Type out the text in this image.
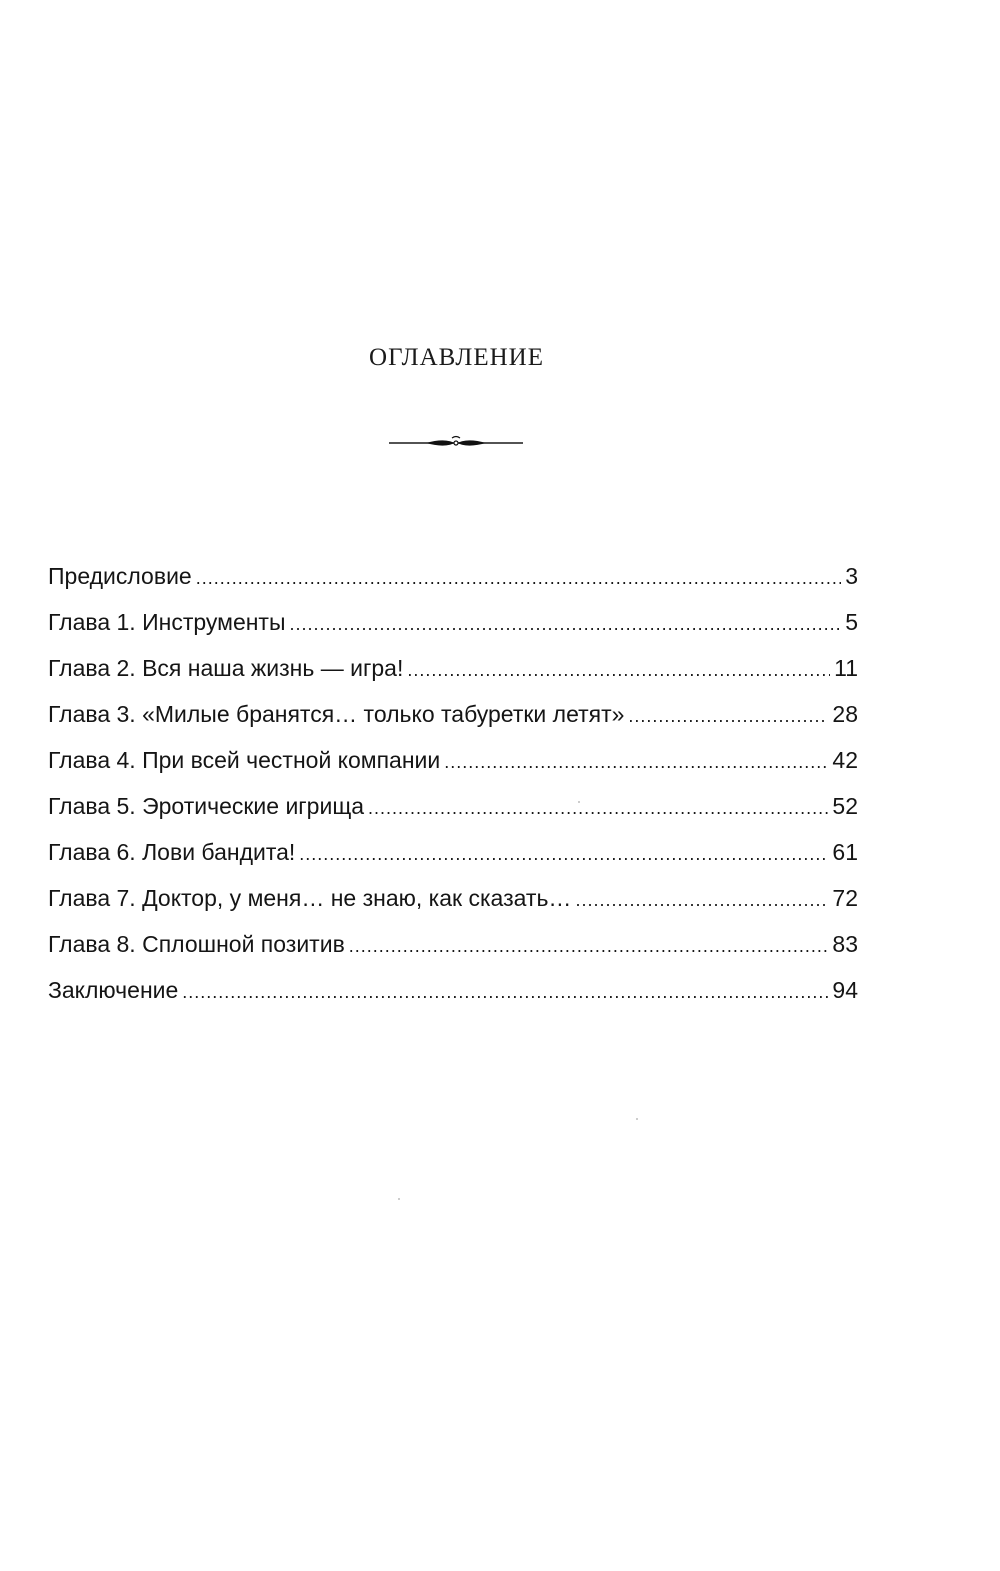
ОГЛАВЛЕНИЕ
Предисловие .....	3
Глава 1. Инструменты .....	5
Глава 2. Вся наша жизнь — игра! .....	11
Глава 3. «Милые бранятся… только табуретки летят» .....	28
Глава 4. При всей честной компании .....	42
Глава 5. Эротические игрища .....	52
Глава 6. Лови бандита! .....	61
Глава 7. Доктор, у меня… не знаю, как сказать… .....	72
Глава 8. Сплошной позитив .....	83
Заключение .....	94
